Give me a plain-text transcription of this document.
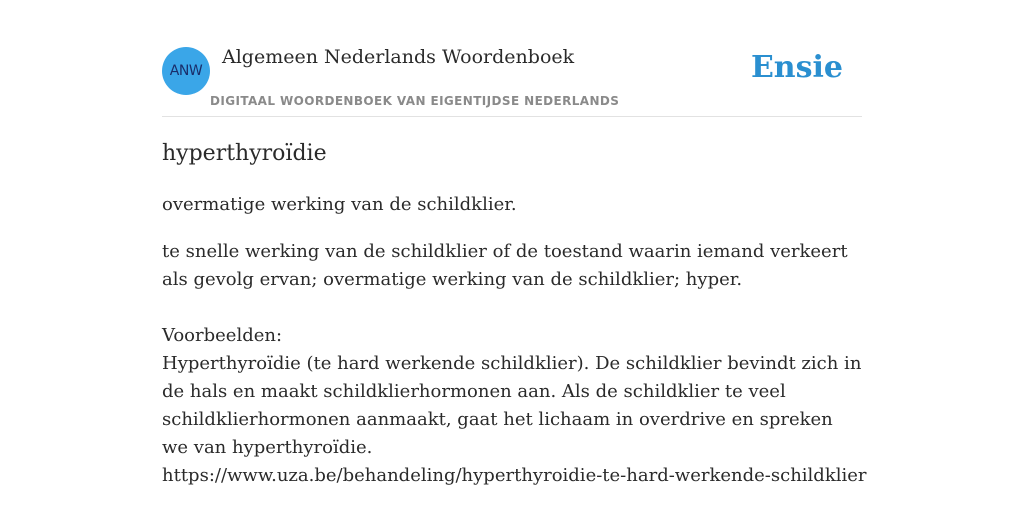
ANW
Algemeen Nederlands Woordenboek
DIGITAAL WOORDENBOEK VAN EIGENTIJDSE NEDERLANDS
Ensie
hyperthyroïdie

overmatige werking van de schildklier.

te snelle werking van de schildklier of de toestand waarin iemand verkeert als gevolg ervan; overmatige werking van de schildklier; hyper.

Voorbeelden:

Hyperthyroïdie (te hard werkende schildklier). De schildklier bevindt zich in de hals en maakt schildklierhormonen aan. Als de schildklier te veel schildklierhormonen aanmaakt, gaat het lichaam in overdrive en spreken we van hyperthyroïdie.

https://www.uza.be/behandeling/hyperthyroidie-te-hard-werkende-schildklier
